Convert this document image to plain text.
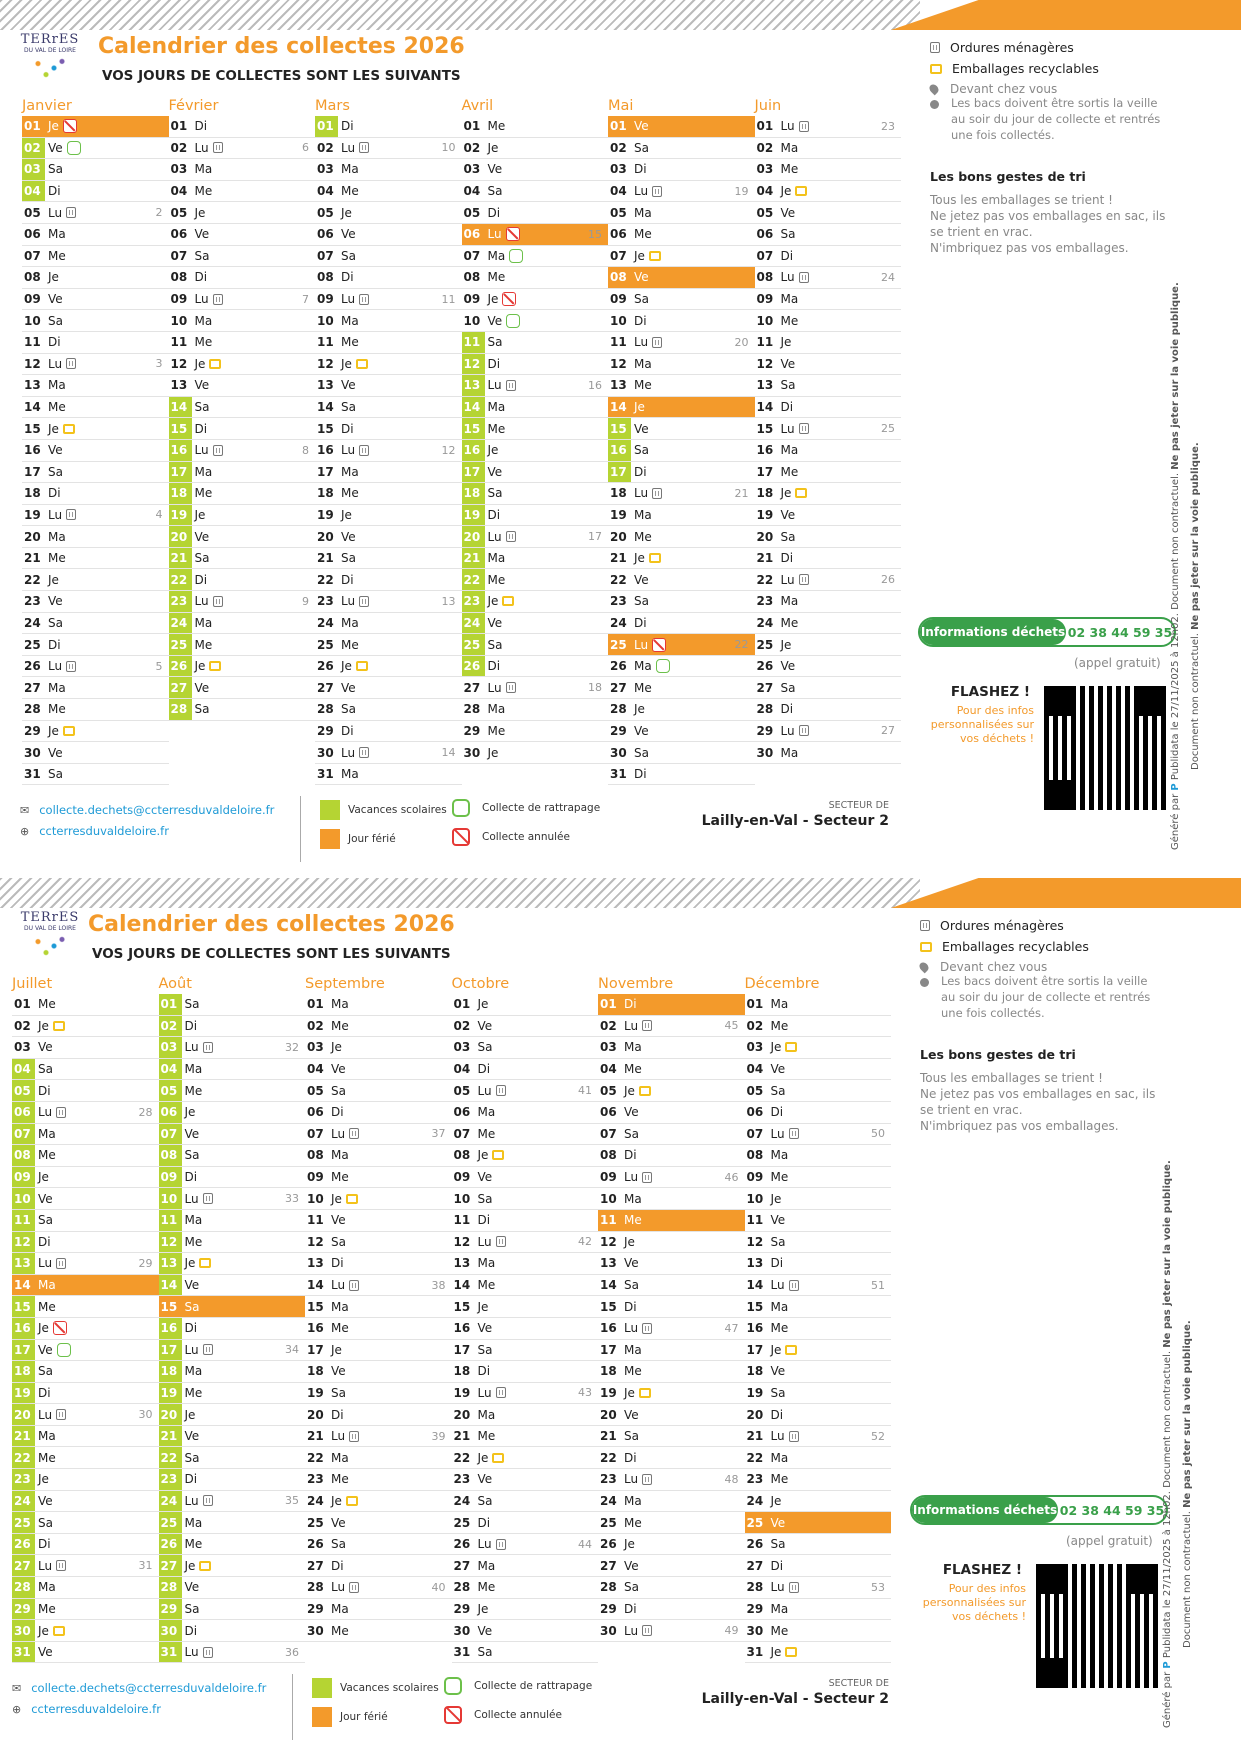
TERrES
DU VAL DE LOIRE Calendrier des collectes 2026
VOS JOURS DE COLLECTES SONT LES SUIVANTS
Janvier
01 Je
02 Ve
03 Sa
04 Di
05 Lu	2
06 Ma
07 Me
08 Je
09 Ve
10 Sa
11 Di
12 Lu	3
13 Ma
14 Me
15 Je
16 Ve
17 Sa
18 Di
19 Lu	4
20 Ma
21 Me
22 Je
23 Ve
24 Sa
25 Di
26 Lu	5
27 Ma
28 Me
29 Je
30 Ve
31 Sa
Février
01 Di
02 Lu	6
03 Ma
04 Me
05 Je
06 Ve
07 Sa
08 Di
09 Lu	7
10 Ma
11 Me
12 Je
13 Ve
14 Sa
15 Di
16 Lu	8
17 Ma
18 Me
19 Je
20 Ve
21 Sa
22 Di
23 Lu	9
24 Ma
25 Me
26 Je
27 Ve
28 Sa
Mars
01 Di
02 Lu	10
03 Ma
04 Me
05 Je
06 Ve
07 Sa
08 Di
09 Lu	11
10 Ma
11 Me
12 Je
13 Ve
14 Sa
15 Di
16 Lu	12
17 Ma
18 Me
19 Je
20 Ve
21 Sa
22 Di
23 Lu	13
24 Ma
25 Me
26 Je
27 Ve
28 Sa
29 Di
30 Lu	14
31 Ma
Avril
01 Me
02 Je
03 Ve
04 Sa
05 Di
06 Lu	15
07 Ma
08 Me
09 Je
10 Ve
11 Sa
12 Di
13 Lu	16
14 Ma
15 Me
16 Je
17 Ve
18 Sa
19 Di
20 Lu	17
21 Ma
22 Me
23 Je
24 Ve
25 Sa
26 Di
27 Lu	18
28 Ma
29 Me
30 Je
Mai
01 Ve
02 Sa
03 Di
04 Lu	19
05 Ma
06 Me
07 Je
08 Ve
09 Sa
10 Di
11 Lu	20
12 Ma
13 Me
14 Je
15 Ve
16 Sa
17 Di
18 Lu	21
19 Ma
20 Me
21 Je
22 Ve
23 Sa
24 Di
25 Lu	22
26 Ma
27 Me
28 Je
29 Ve
30 Sa
31 Di
Juin
01 Lu	23
02 Ma
03 Me
04 Je
05 Ve
06 Sa
07 Di
08 Lu	24
09 Ma
10 Me
11 Je
12 Ve
13 Sa
14 Di
15 Lu	25
16 Ma
17 Me
18 Je
19 Ve
20 Sa
21 Di
22 Lu	26
23 Ma
24 Me
25 Je
26 Ve
27 Sa
28 Di
29 Lu	27
30 Ma
Ordures ménagères
Emballages recyclables
Devant chez vous
Les bacs doivent être sortis la veille au soir du jour de collecte et rentrés une fois collectés.
Les bons gestes de tri
Tous les emballages se trient !
Ne jetez pas vos emballages en sac, ils se trient en vrac.
N'imbriquez pas vos emballages.
Informations déchets 02 38 44 59 35
(appel gratuit)
FLASHEZ !
Pour des infos personnalisées sur vos déchets !
Généré par P Publidata le 27/11/2025 à 12h02. Document non contractuel. Ne pas jeter sur la voie publique.
Document non contractuel. Ne pas jeter sur la voie publique.
✉ collecte.dechets@ccterresduvaldeloire.fr
⊕ ccterresduvaldeloire.fr
Vacances scolaires
Jour férié
Collecte de rattrapage
Collecte annulée
SECTEUR DE
Lailly-en-Val - Secteur 2
TERrES
DU VAL DE LOIRE Calendrier des collectes 2026
VOS JOURS DE COLLECTES SONT LES SUIVANTS
Juillet
01 Me
02 Je
03 Ve
04 Sa
05 Di
06 Lu	28
07 Ma
08 Me
09 Je
10 Ve
11 Sa
12 Di
13 Lu	29
14 Ma
15 Me
16 Je
17 Ve
18 Sa
19 Di
20 Lu	30
21 Ma
22 Me
23 Je
24 Ve
25 Sa
26 Di
27 Lu	31
28 Ma
29 Me
30 Je
31 Ve
Août
01 Sa
02 Di
03 Lu	32
04 Ma
05 Me
06 Je
07 Ve
08 Sa
09 Di
10 Lu	33
11 Ma
12 Me
13 Je
14 Ve
15 Sa
16 Di
17 Lu	34
18 Ma
19 Me
20 Je
21 Ve
22 Sa
23 Di
24 Lu	35
25 Ma
26 Me
27 Je
28 Ve
29 Sa
30 Di
31 Lu	36
Septembre
01 Ma
02 Me
03 Je
04 Ve
05 Sa
06 Di
07 Lu	37
08 Ma
09 Me
10 Je
11 Ve
12 Sa
13 Di
14 Lu	38
15 Ma
16 Me
17 Je
18 Ve
19 Sa
20 Di
21 Lu	39
22 Ma
23 Me
24 Je
25 Ve
26 Sa
27 Di
28 Lu	40
29 Ma
30 Me
Octobre
01 Je
02 Ve
03 Sa
04 Di
05 Lu	41
06 Ma
07 Me
08 Je
09 Ve
10 Sa
11 Di
12 Lu	42
13 Ma
14 Me
15 Je
16 Ve
17 Sa
18 Di
19 Lu	43
20 Ma
21 Me
22 Je
23 Ve
24 Sa
25 Di
26 Lu	44
27 Ma
28 Me
29 Je
30 Ve
31 Sa
Novembre
01 Di
02 Lu	45
03 Ma
04 Me
05 Je
06 Ve
07 Sa
08 Di
09 Lu	46
10 Ma
11 Me
12 Je
13 Ve
14 Sa
15 Di
16 Lu	47
17 Ma
18 Me
19 Je
20 Ve
21 Sa
22 Di
23 Lu	48
24 Ma
25 Me
26 Je
27 Ve
28 Sa
29 Di
30 Lu	49
Décembre
01 Ma
02 Me
03 Je
04 Ve
05 Sa
06 Di
07 Lu	50
08 Ma
09 Me
10 Je
11 Ve
12 Sa
13 Di
14 Lu	51
15 Ma
16 Me
17 Je
18 Ve
19 Sa
20 Di
21 Lu	52
22 Ma
23 Me
24 Je
25 Ve
26 Sa
27 Di
28 Lu	53
29 Ma
30 Me
31 Je
Ordures ménagères
Emballages recyclables
Devant chez vous
Les bacs doivent être sortis la veille au soir du jour de collecte et rentrés une fois collectés.
Les bons gestes de tri
Tous les emballages se trient !
Ne jetez pas vos emballages en sac, ils se trient en vrac.
N'imbriquez pas vos emballages.
Informations déchets 02 38 44 59 35
(appel gratuit)
FLASHEZ !
Pour des infos personnalisées sur vos déchets !
Généré par P Publidata le 27/11/2025 à 12h02. Document non contractuel. Ne pas jeter sur la voie publique.
Document non contractuel. Ne pas jeter sur la voie publique.
✉ collecte.dechets@ccterresduvaldeloire.fr
⊕ ccterresduvaldeloire.fr
Vacances scolaires
Jour férié
Collecte de rattrapage
Collecte annulée
SECTEUR DE
Lailly-en-Val - Secteur 2
